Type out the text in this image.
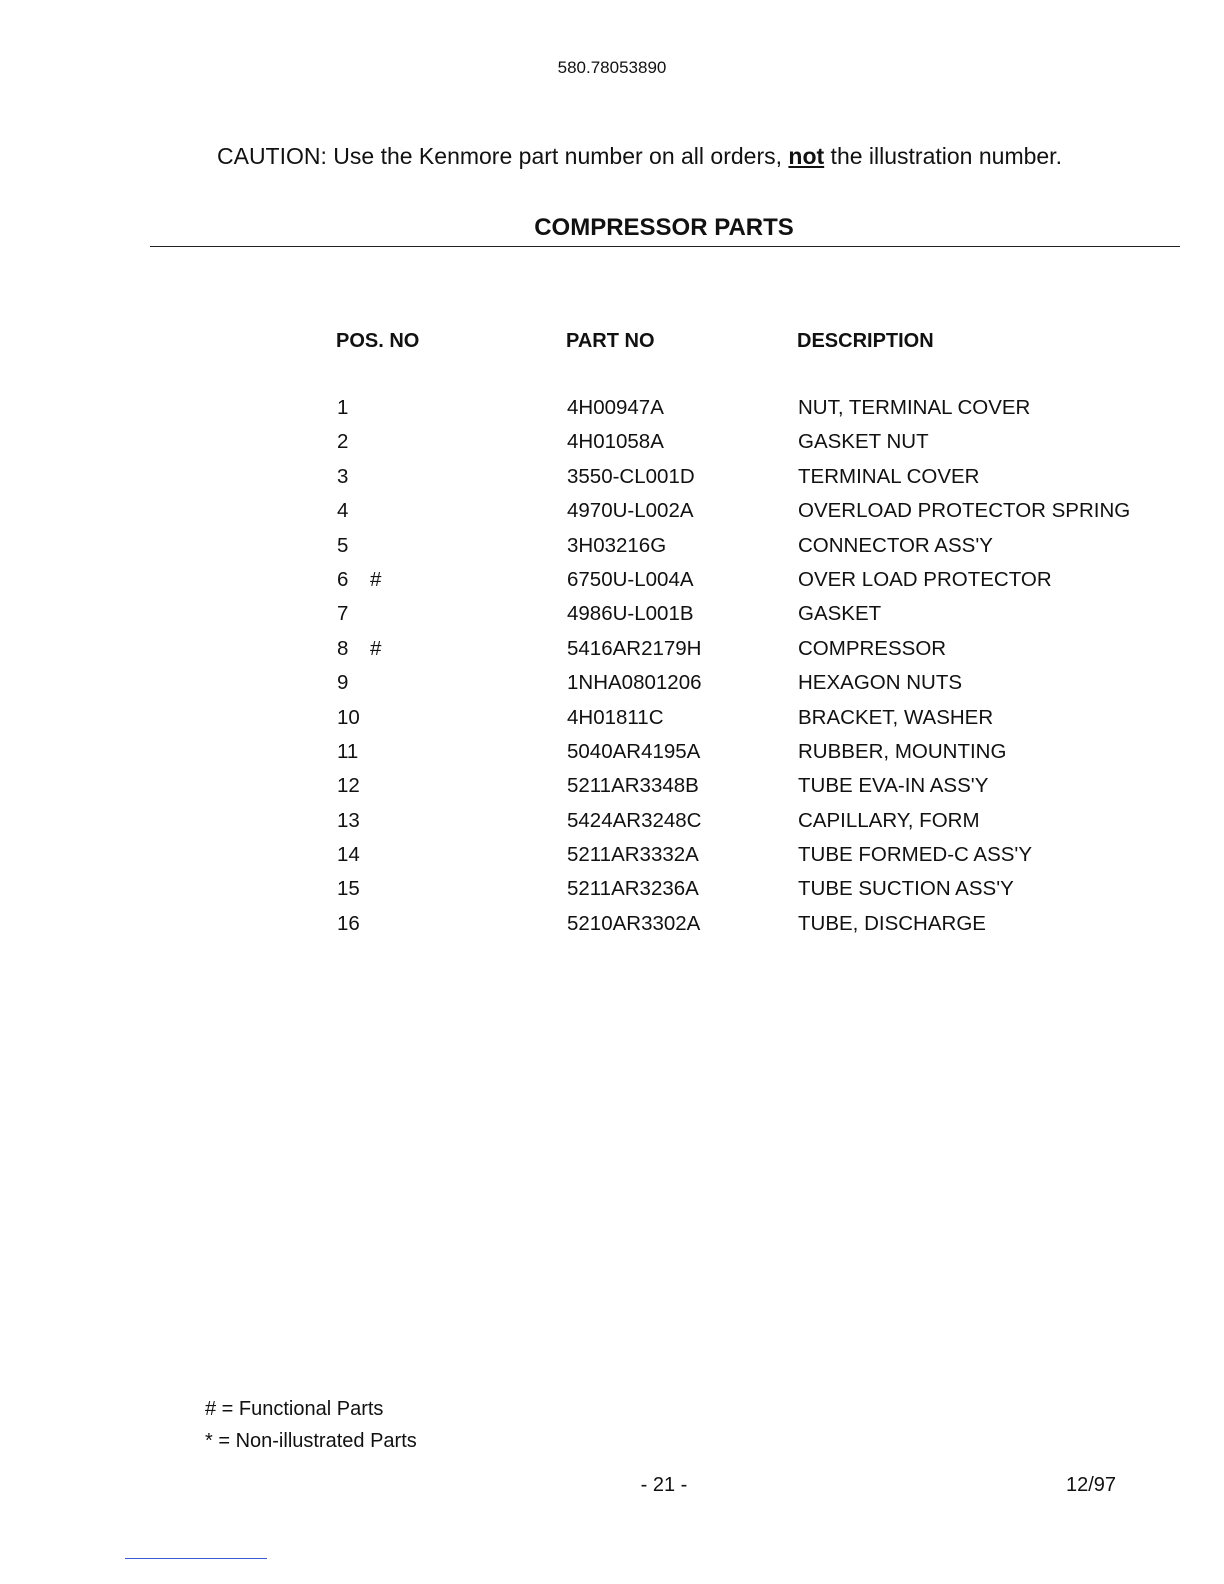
580.78053890
CAUTION: Use the Kenmore part number on all orders, not the illustration number.
COMPRESSOR PARTS
POS. NO	PART NO	DESCRIPTION
1	4H00947A	NUT, TERMINAL COVER
2	4H01058A	GASKET NUT
3	3550-CL001D	TERMINAL COVER
4	4970U-L002A	OVERLOAD PROTECTOR SPRING
5	3H03216G	CONNECTOR ASS'Y
6 #	6750U-L004A	OVER LOAD PROTECTOR
7	4986U-L001B	GASKET
8 #	5416AR2179H	COMPRESSOR
9	1NHA0801206	HEXAGON NUTS
10	4H01811C	BRACKET, WASHER
11	5040AR4195A	RUBBER, MOUNTING
12	5211AR3348B	TUBE EVA-IN ASS'Y
13	5424AR3248C	CAPILLARY, FORM
14	5211AR3332A	TUBE FORMED-C ASS'Y
15	5211AR3236A	TUBE SUCTION ASS'Y
16	5210AR3302A	TUBE, DISCHARGE
# = Functional Parts
* = Non-illustrated Parts
- 21 -	12/97
